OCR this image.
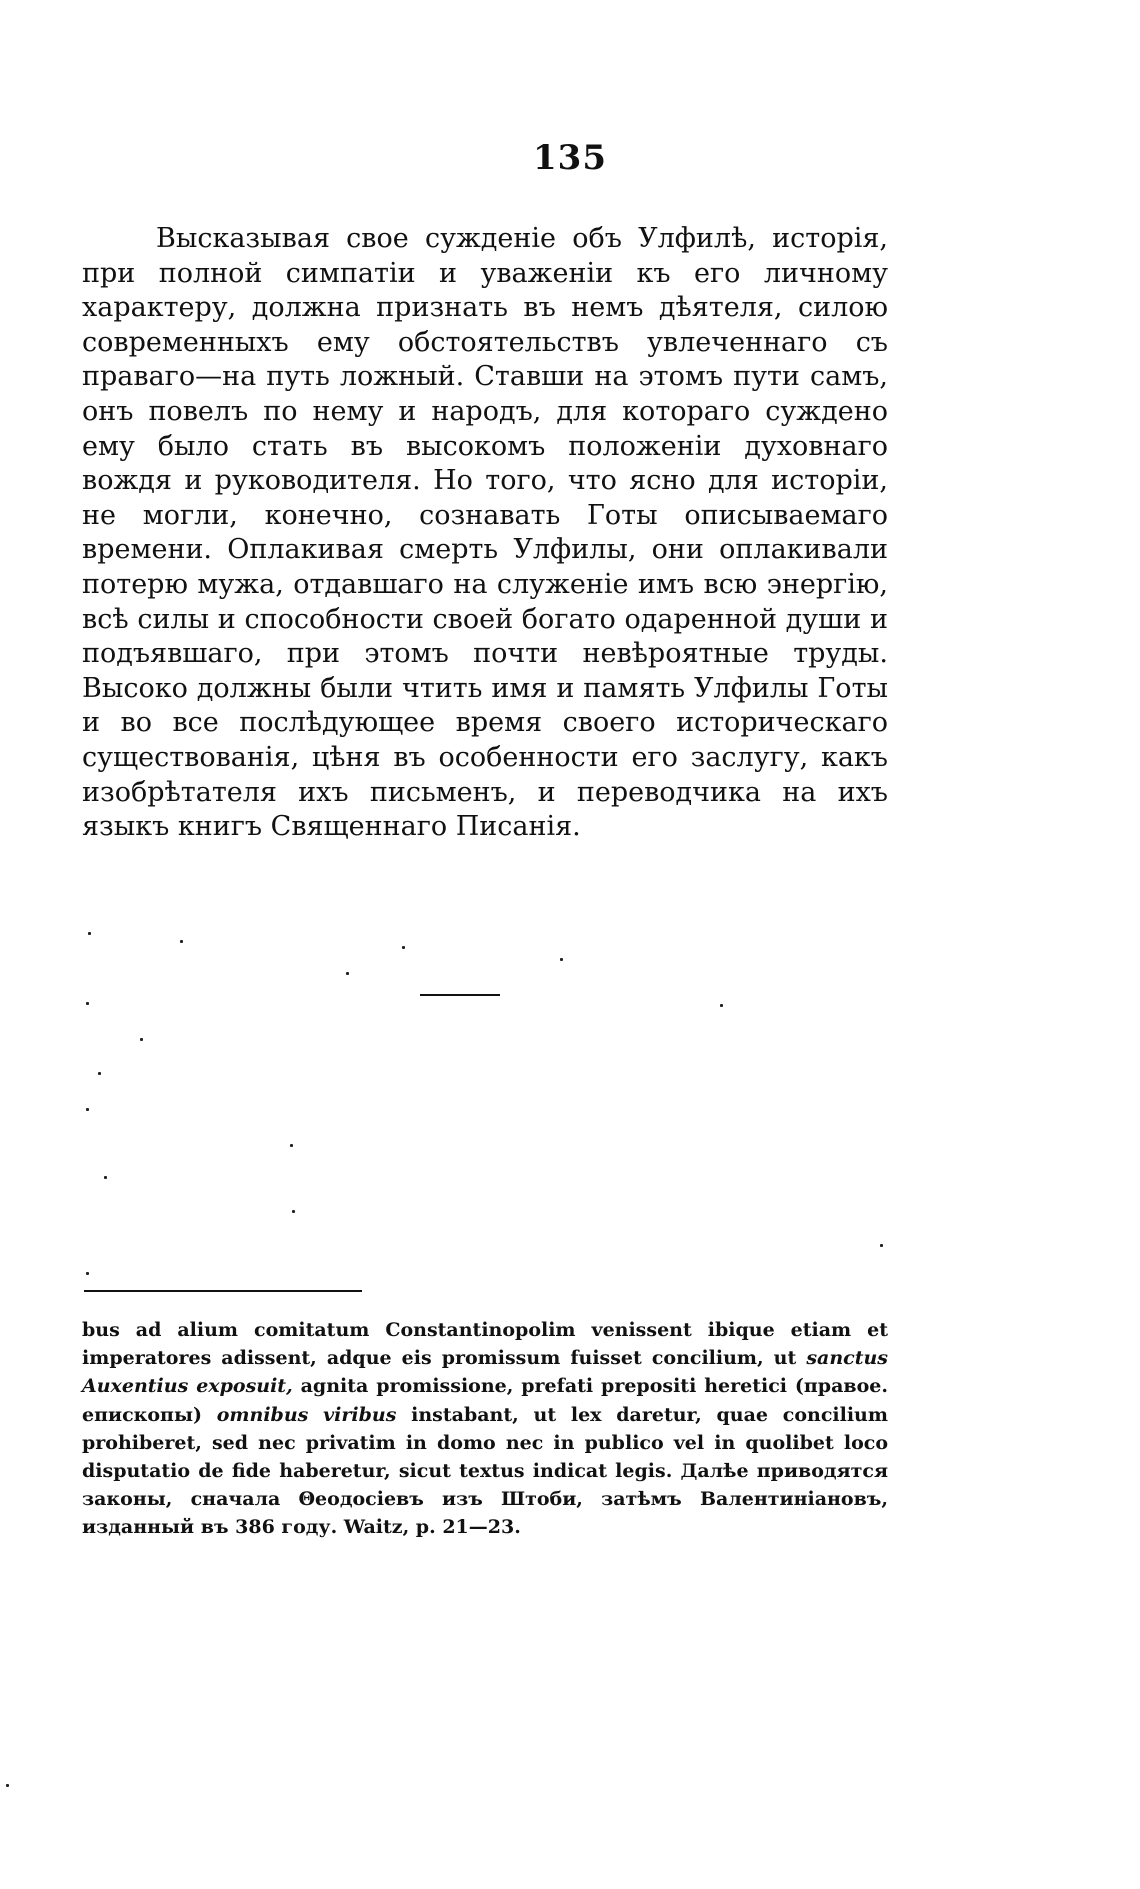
135

Высказывая свое сужденіе объ Улфилѣ, исторія, при полной симпатіи и уваженіи къ его личному характеру, должна признать въ немъ дѣятеля, силою современныхъ ему обстоятельствъ увлеченнаго съ праваго—на путь ложный. Ставши на этомъ пути самъ, онъ повелъ по нему и народъ, для котораго суждено ему было стать въ высокомъ положеніи духовнаго вождя и руководителя. Но того, что ясно для исторіи, не могли, конечно, сознавать Готы описываемаго времени. Оплакивая смерть Улфилы, они оплакивали потерю мужа, отдавшаго на служеніе имъ всю энергію, всѣ силы и способности своей богато одаренной души и подъявшаго, при этомъ почти невѣроятные труды. Высоко должны были чтить имя и память Улфилы Готы и во все послѣдующее время своего историческаго существованія, цѣня въ особенности его заслугу, какъ изобрѣтателя ихъ письменъ, и переводчика на ихъ языкъ книгъ Священнаго Писанія.

bus ad alium comitatum Constantinopolim venissent ibique etiam et imperatores adissent, adque eis promissum fuisset concilium, ut sanctus Auxentius exposuit, agnita promissione, prefati prepositi heretici (правое. епископы) omnibus viribus instabant, ut lex daretur, quae concilium prohiberet, sed nec privatim in domo nec in publico vel in quolibet loco disputatio de fide haberetur, sicut textus indicat legis. Далѣе приводятся законы, сначала Θеодосіевъ изъ Штоби, затѣмъ Валентиніановъ, изданный въ 386 году. Waitz, p. 21—23.
